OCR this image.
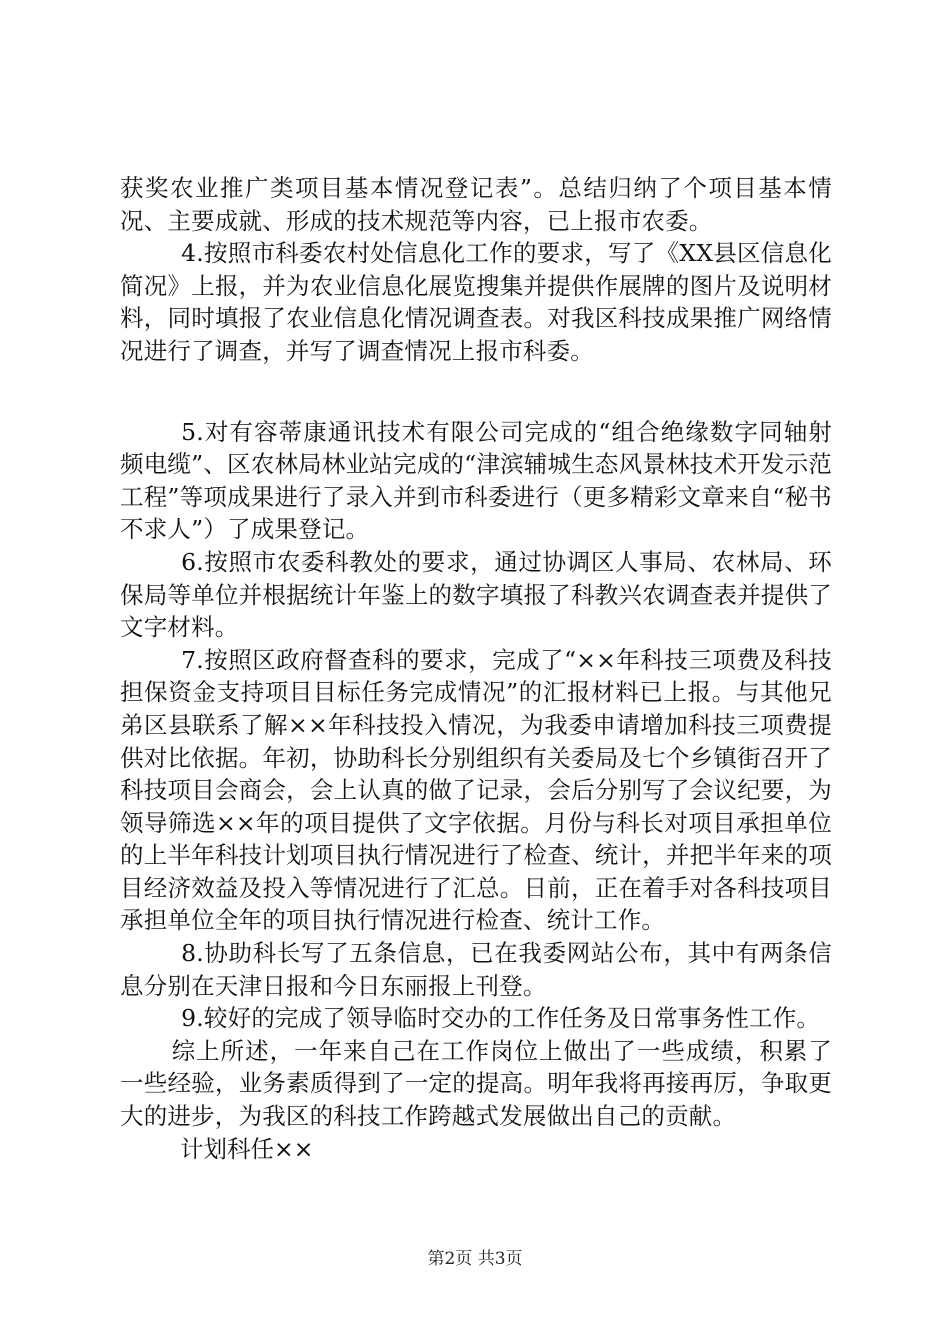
获奖农业推广类项目基本情况登记表”。总结归纳了个项目基本情况、主要成就、形成的技术规范等内容，已上报市农委。

4.按照市科委农村处信息化工作的要求，写了《XX县区信息化简况》上报，并为农业信息化展览搜集并提供作展牌的图片及说明材料，同时填报了农业信息化情况调查表。对我区科技成果推广网络情况进行了调查，并写了调查情况上报市科委。

5.对有容蒂康通讯技术有限公司完成的“组合绝缘数字同轴射频电缆”、区农林局林业站完成的“津滨辅城生态风景林技术开发示范工程”等项成果进行了录入并到市科委进行（更多精彩文章来自“秘书不求人”）了成果登记。

6.按照市农委科教处的要求，通过协调区人事局、农林局、环保局等单位并根据统计年鉴上的数字填报了科教兴农调查表并提供了文字材料。

7.按照区政府督查科的要求，完成了“××年科技三项费及科技担保资金支持项目目标任务完成情况”的汇报材料已上报。与其他兄弟区县联系了解××年科技投入情况，为我委申请增加科技三项费提供对比依据。年初，协助科长分别组织有关委局及七个乡镇街召开了科技项目会商会，会上认真的做了记录，会后分别写了会议纪要，为领导筛选××年的项目提供了文字依据。月份与科长对项目承担单位的上半年科技计划项目执行情况进行了检查、统计，并把半年来的项目经济效益及投入等情况进行了汇总。日前，正在着手对各科技项目承担单位全年的项目执行情况进行检查、统计工作。

8.协助科长写了五条信息，已在我委网站公布，其中有两条信息分别在天津日报和今日东丽报上刊登。

9.较好的完成了领导临时交办的工作任务及日常事务性工作。

综上所述，一年来自己在工作岗位上做出了一些成绩，积累了一些经验，业务素质得到了一定的提高。明年我将再接再厉，争取更大的进步，为我区的科技工作跨越式发展做出自己的贡献。

计划科任××

第2页 共3页
